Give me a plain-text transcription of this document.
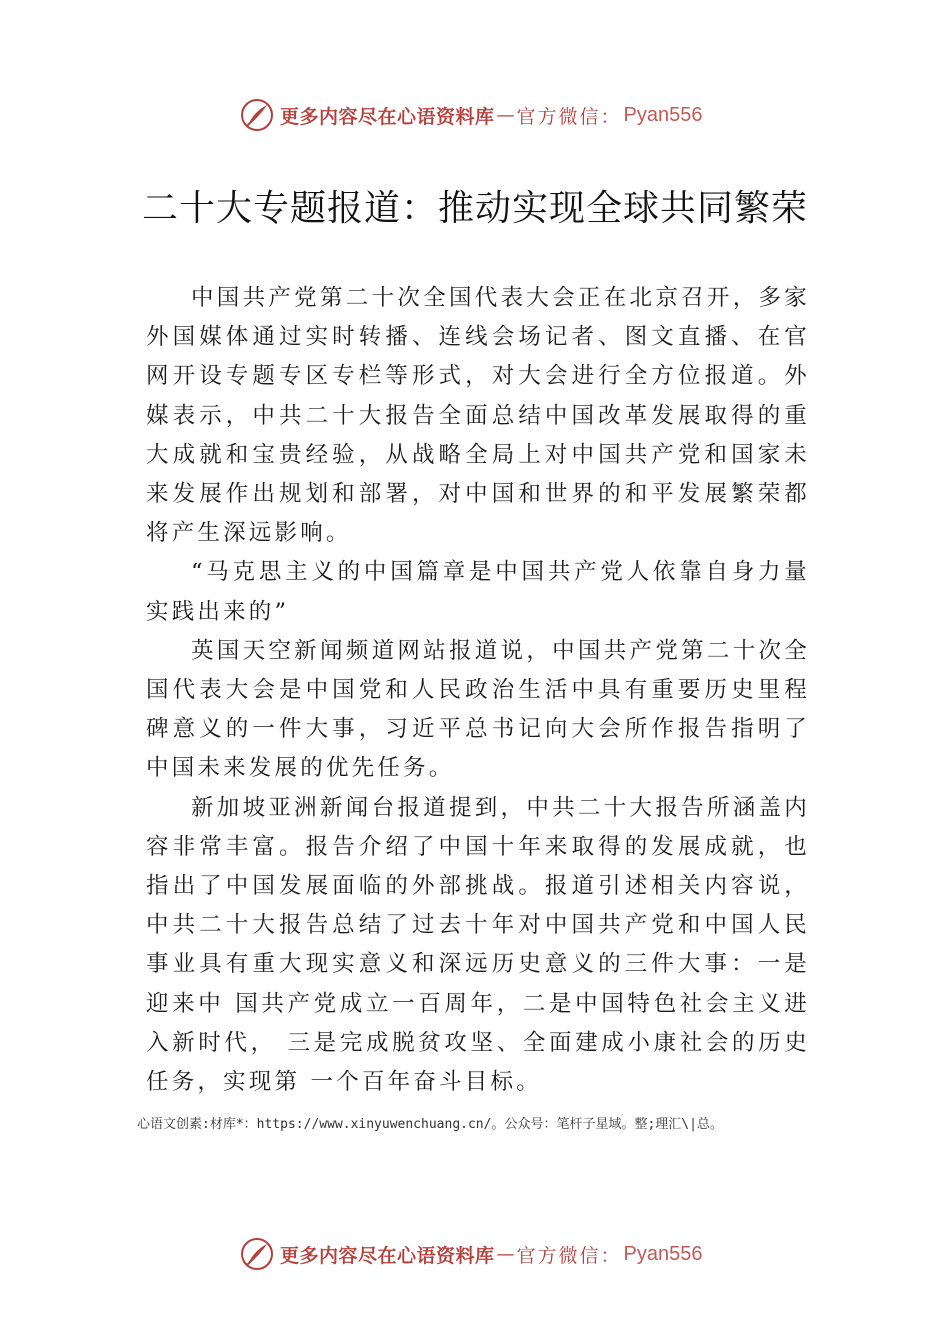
更多内容尽在心语资料库 — 官方微信： Pyan556
二十大专题报道：推动实现全球共同繁荣

中国共产党第二十次全国代表大会正在北京召开，多家外国媒体通过实时转播、连线会场记者、图文直播、在官网开设专题专区专栏等形式，对大会进行全方位报道。外媒表示，中共二十大报告全面总结中国改革发展取得的重大成就和宝贵经验，从战略全局上对中国共产党和国家未来发展作出规划和部署，对中国和世界的和平发展繁荣都将产生深远影响。

“马克思主义的中国篇章是中国共产党人依靠自身力量实践出来的”

英国天空新闻频道网站报道说，中国共产党第二十次全国代表大会是中国党和人民政治生活中具有重要历史里程碑意义的一件大事，习近平总书记向大会所作报告指明了中国未来发展的优先任务。

新加坡亚洲新闻台报道提到，中共二十大报告所涵盖内容非常丰富。报告介绍了中国十年来取得的发展成就，也指出了中国发展面临的外部挑战。报道引述相关内容说，中共二十大报告总结了过去十年对中国共产党和中国人民事业具有重大现实意义和深远历史意义的三件大事：一是迎来中 国共产党成立一百周年，二是中国特色社会主义进入新时代， 三是完成脱贫攻坚、全面建成小康社会的历史任务，实现第 一个百年奋斗目标。

心语文创素:材库*：https://www.xinyuwenchuang.cn/。公众号：笔杆子星域。整;理汇\|总。
更多内容尽在心语资料库 — 官方微信： Pyan556
